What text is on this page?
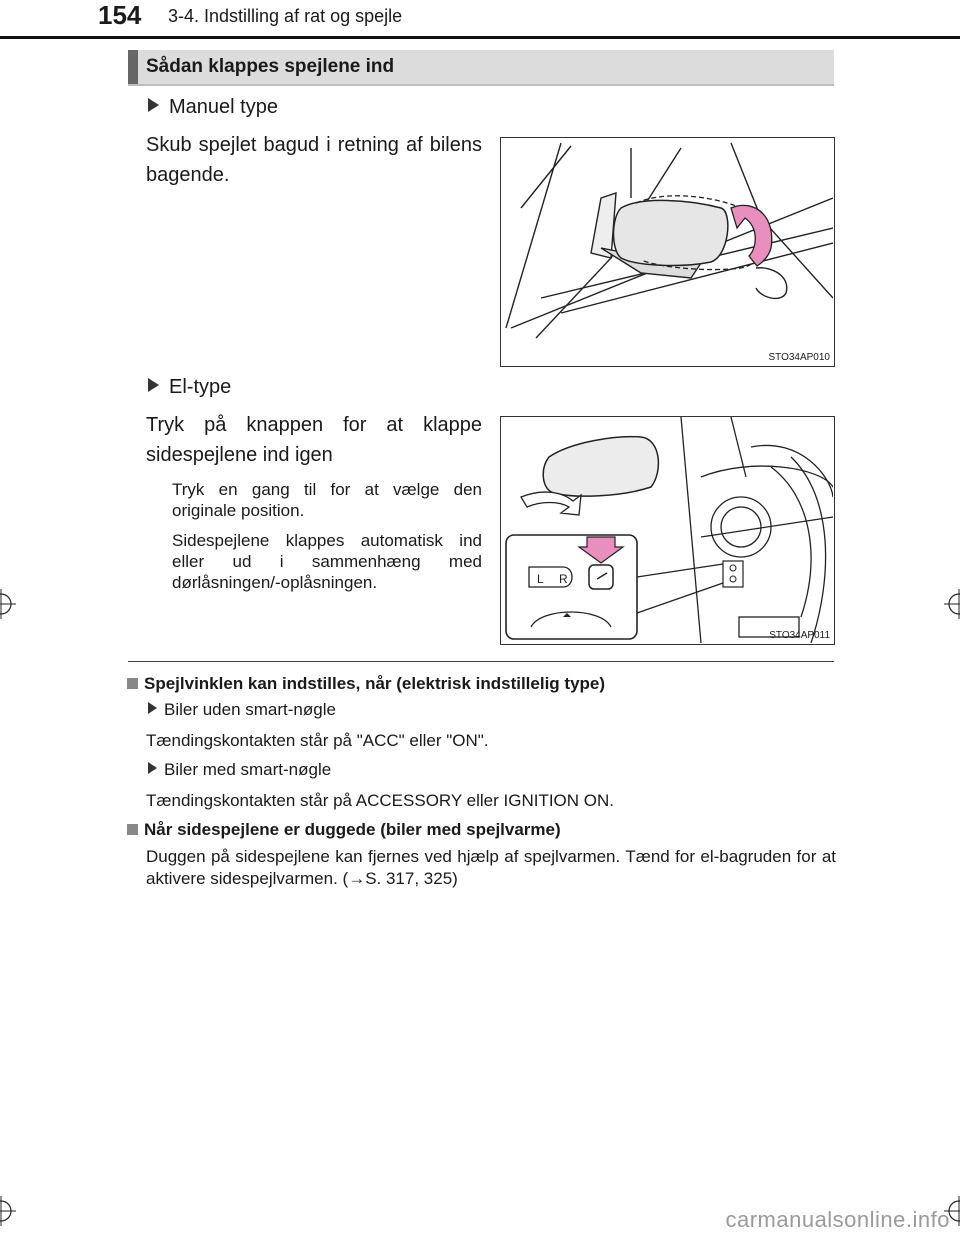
154 3-4. Indstilling af rat og spejle
Sådan klappes spejlene ind
Manuel type
Skub spejlet bagud i retning af bilens bagende.
STO34AP010
El-type
Tryk på knappen for at klappe sidespejlene ind igen
Tryk en gang til for at vælge den originale position.
Sidespejlene klappes automatisk ind eller ud i sammenhæng med dørlåsningen/-oplåsningen.	L R
STO34AP011
Spejlvinklen kan indstilles, når (elektrisk indstillelig type)
Biler uden smart-nøgle
Tændingskontakten står på "ACC" eller "ON".
Biler med smart-nøgle
Tændingskontakten står på ACCESSORY eller IGNITION ON.
Når sidespejlene er duggede (biler med spejlvarme)
Duggen på sidespejlene kan fjernes ved hjælp af spejlvarmen. Tænd for el-bagruden for at aktivere sidespejlvarmen. (→S. 317, 325)
carmanualsonline.info
